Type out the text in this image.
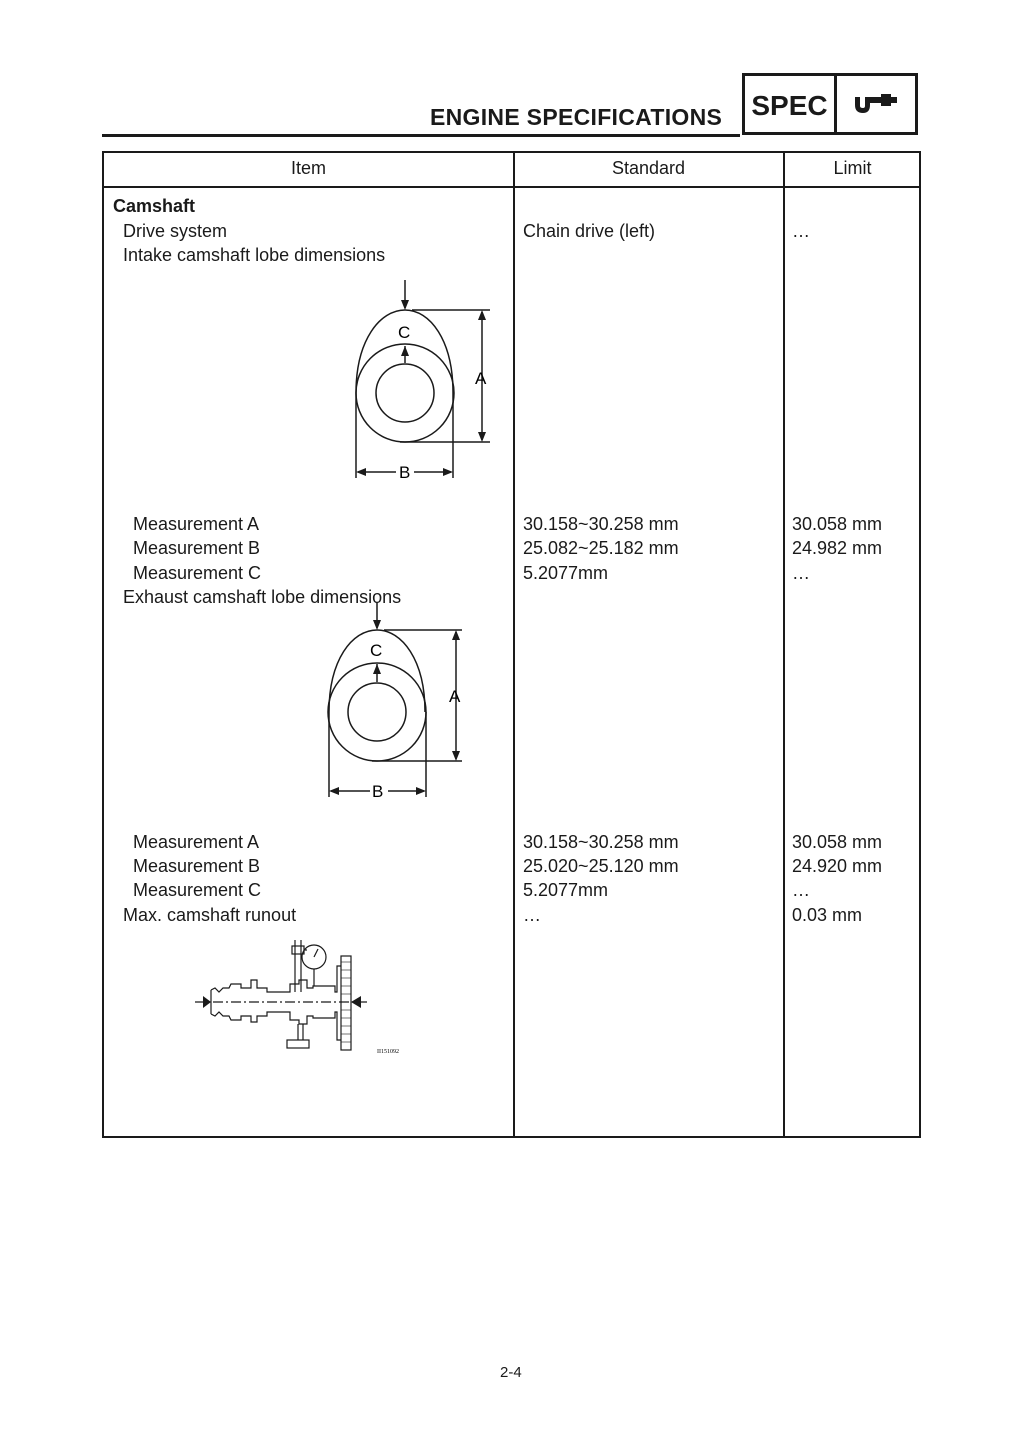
ENGINE SPECIFICATIONS SPEC
Item	Standard	Limit
Camshaft
Drive system	Chain drive (left)	…
Intake camshaft lobe dimensions
Measurement A	30.158~30.258 mm	30.058 mm
Measurement B	25.082~25.182 mm	24.982 mm
Measurement C	5.2077mm	…
Exhaust camshaft lobe dimensions
Measurement A	30.158~30.258 mm	30.058 mm
Measurement B	25.020~25.120 mm	24.920 mm
Measurement C	5.2077mm	…
Max. camshaft runout	…	0.03 mm
C
A
B
C
A
B
II151092
2-4
